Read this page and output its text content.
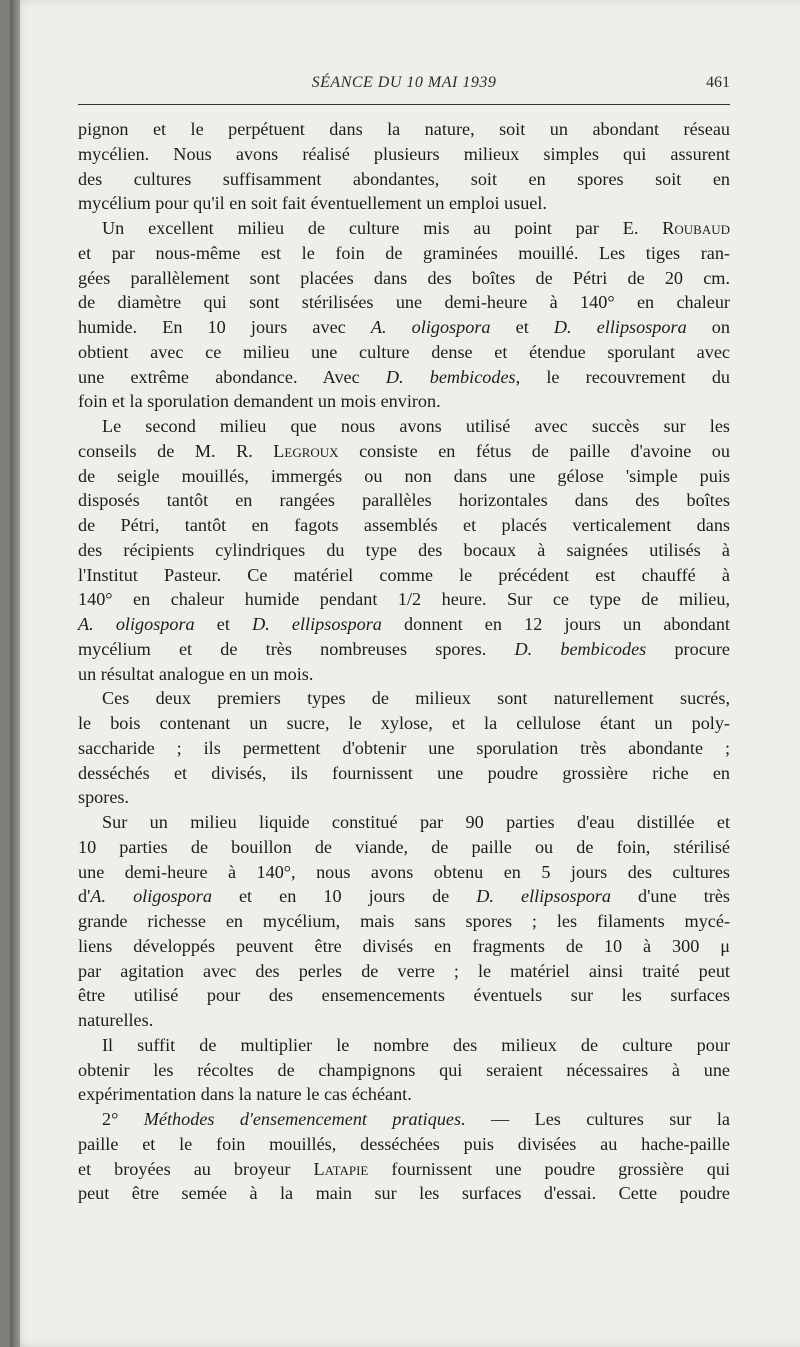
SÉANCE DU 10 MAI 1939	461
pignon et le perpétuent dans la nature, soit un abondant réseau
mycélien. Nous avons réalisé plusieurs milieux simples qui assurent
des cultures suffisamment abondantes, soit en spores soit en
mycélium pour qu'il en soit fait éventuellement un emploi usuel.
Un excellent milieu de culture mis au point par E. Roubaud
et par nous-même est le foin de graminées mouillé. Les tiges ran-
gées parallèlement sont placées dans des boîtes de Pétri de 20 cm.
de diamètre qui sont stérilisées une demi-heure à 140° en chaleur
humide. En 10 jours avec A. oligospora et D. ellipsospora on
obtient avec ce milieu une culture dense et étendue sporulant avec
une extrême abondance. Avec D. bembicodes, le recouvrement du
foin et la sporulation demandent un mois environ.
Le second milieu que nous avons utilisé avec succès sur les
conseils de M. R. Legroux consiste en fétus de paille d'avoine ou
de seigle mouillés, immergés ou non dans une gélose 'simple puis
disposés tantôt en rangées parallèles horizontales dans des boîtes
de Pétri, tantôt en fagots assemblés et placés verticalement dans
des récipients cylindriques du type des bocaux à saignées utilisés à
l'Institut Pasteur. Ce matériel comme le précédent est chauffé à
140° en chaleur humide pendant 1/2 heure. Sur ce type de milieu,
A. oligospora et D. ellipsospora donnent en 12 jours un abondant
mycélium et de très nombreuses spores. D. bembicodes procure
un résultat analogue en un mois.
Ces deux premiers types de milieux sont naturellement sucrés,
le bois contenant un sucre, le xylose, et la cellulose étant un poly-
saccharide ; ils permettent d'obtenir une sporulation très abondante ;
desséchés et divisés, ils fournissent une poudre grossière riche en
spores.
Sur un milieu liquide constitué par 90 parties d'eau distillée et
10 parties de bouillon de viande, de paille ou de foin, stérilisé
une demi-heure à 140°, nous avons obtenu en 5 jours des cultures
d'A. oligospora et en 10 jours de D. ellipsospora d'une très
grande richesse en mycélium, mais sans spores ; les filaments mycé-
liens développés peuvent être divisés en fragments de 10 à 300 μ
par agitation avec des perles de verre ; le matériel ainsi traité peut
être utilisé pour des ensemencements éventuels sur les surfaces
naturelles.
Il suffit de multiplier le nombre des milieux de culture pour
obtenir les récoltes de champignons qui seraient nécessaires à une
expérimentation dans la nature le cas échéant.
2° Méthodes d'ensemencement pratiques. — Les cultures sur la
paille et le foin mouillés, desséchées puis divisées au hache-paille
et broyées au broyeur Latapie fournissent une poudre grossière qui
peut être semée à la main sur les surfaces d'essai. Cette poudre
